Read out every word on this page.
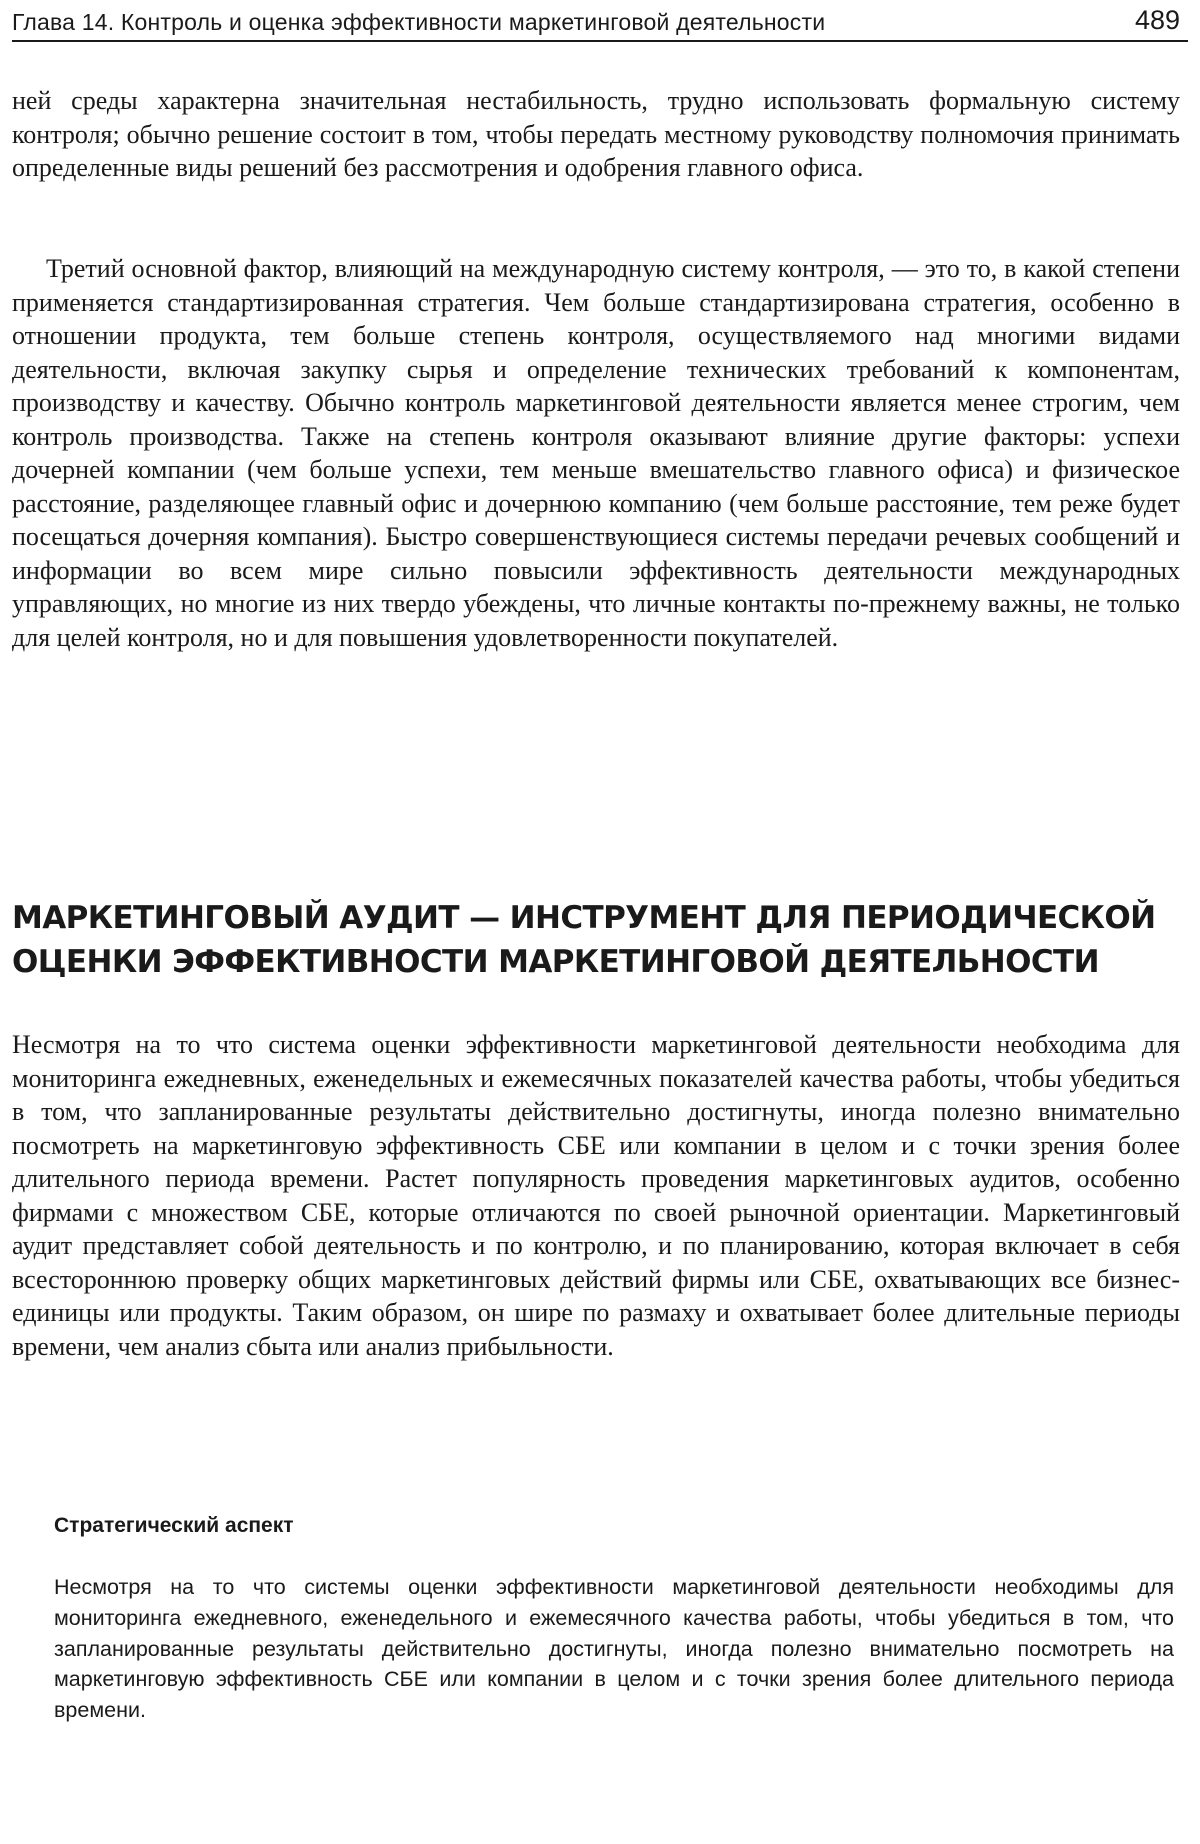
Глава 14. Контроль и оценка эффективности маркетинговой деятельности	489

ней среды характерна значительная нестабильность, трудно использовать формальную систему контроля; обычно решение состоит в том, чтобы передать местному руководству полномочия принимать определенные виды решений без рассмотрения и одобрения главного офиса.

Третий основной фактор, влияющий на международную систему контроля, — это то, в какой степени применяется стандартизированная стратегия. Чем больше стандартизирована стратегия, особенно в отношении продукта, тем больше степень контроля, осуществляемого над многими видами деятельности, включая закупку сырья и определение технических требований к компонентам, производству и качеству. Обычно контроль маркетинговой деятельности является менее строгим, чем контроль производства. Также на степень контроля оказывают влияние другие факторы: успехи дочерней компании (чем больше успехи, тем меньше вмешательство главного офиса) и физическое расстояние, разделяющее главный офис и дочернюю компанию (чем больше расстояние, тем реже будет посещаться дочерняя компания). Быстро совершенствующиеся системы передачи речевых сообщений и информации во всем мире сильно повысили эффективность деятельности международных управляющих, но многие из них твердо убеждены, что личные контакты по-прежнему важны, не только для целей контроля, но и для повышения удовлетворенности покупателей.

МАРКЕТИНГОВЫЙ АУДИТ — ИНСТРУМЕНТ ДЛЯ ПЕРИОДИЧЕСКОЙ ОЦЕНКИ ЭФФЕКТИВНОСТИ МАРКЕТИНГОВОЙ ДЕЯТЕЛЬНОСТИ

Несмотря на то что система оценки эффективности маркетинговой деятельности необходима для мониторинга ежедневных, еженедельных и ежемесячных показателей качества работы, чтобы убедиться в том, что запланированные результаты действительно достигнуты, иногда полезно внимательно посмотреть на маркетинговую эффективность СБЕ или компании в целом и с точки зрения более длительного периода времени. Растет популярность проведения маркетинговых аудитов, особенно фирмами с множеством СБЕ, которые отличаются по своей рыночной ориентации. Маркетинговый аудит представляет собой деятельность и по контролю, и по планированию, которая включает в себя всестороннюю проверку общих маркетинговых действий фирмы или СБЕ, охватывающих все бизнес-единицы или продукты. Таким образом, он шире по размаху и охватывает более длительные периоды времени, чем анализ сбыта или анализ прибыльности.

Стратегический аспект

Несмотря на то что системы оценки эффективности маркетинговой деятельности необходимы для мониторинга ежедневного, еженедельного и ежемесячного качества работы, чтобы убедиться в том, что запланированные результаты действительно достигнуты, иногда полезно внимательно посмотреть на маркетинговую эффективность СБЕ или компании в целом и с точки зрения более длительного периода времени.
